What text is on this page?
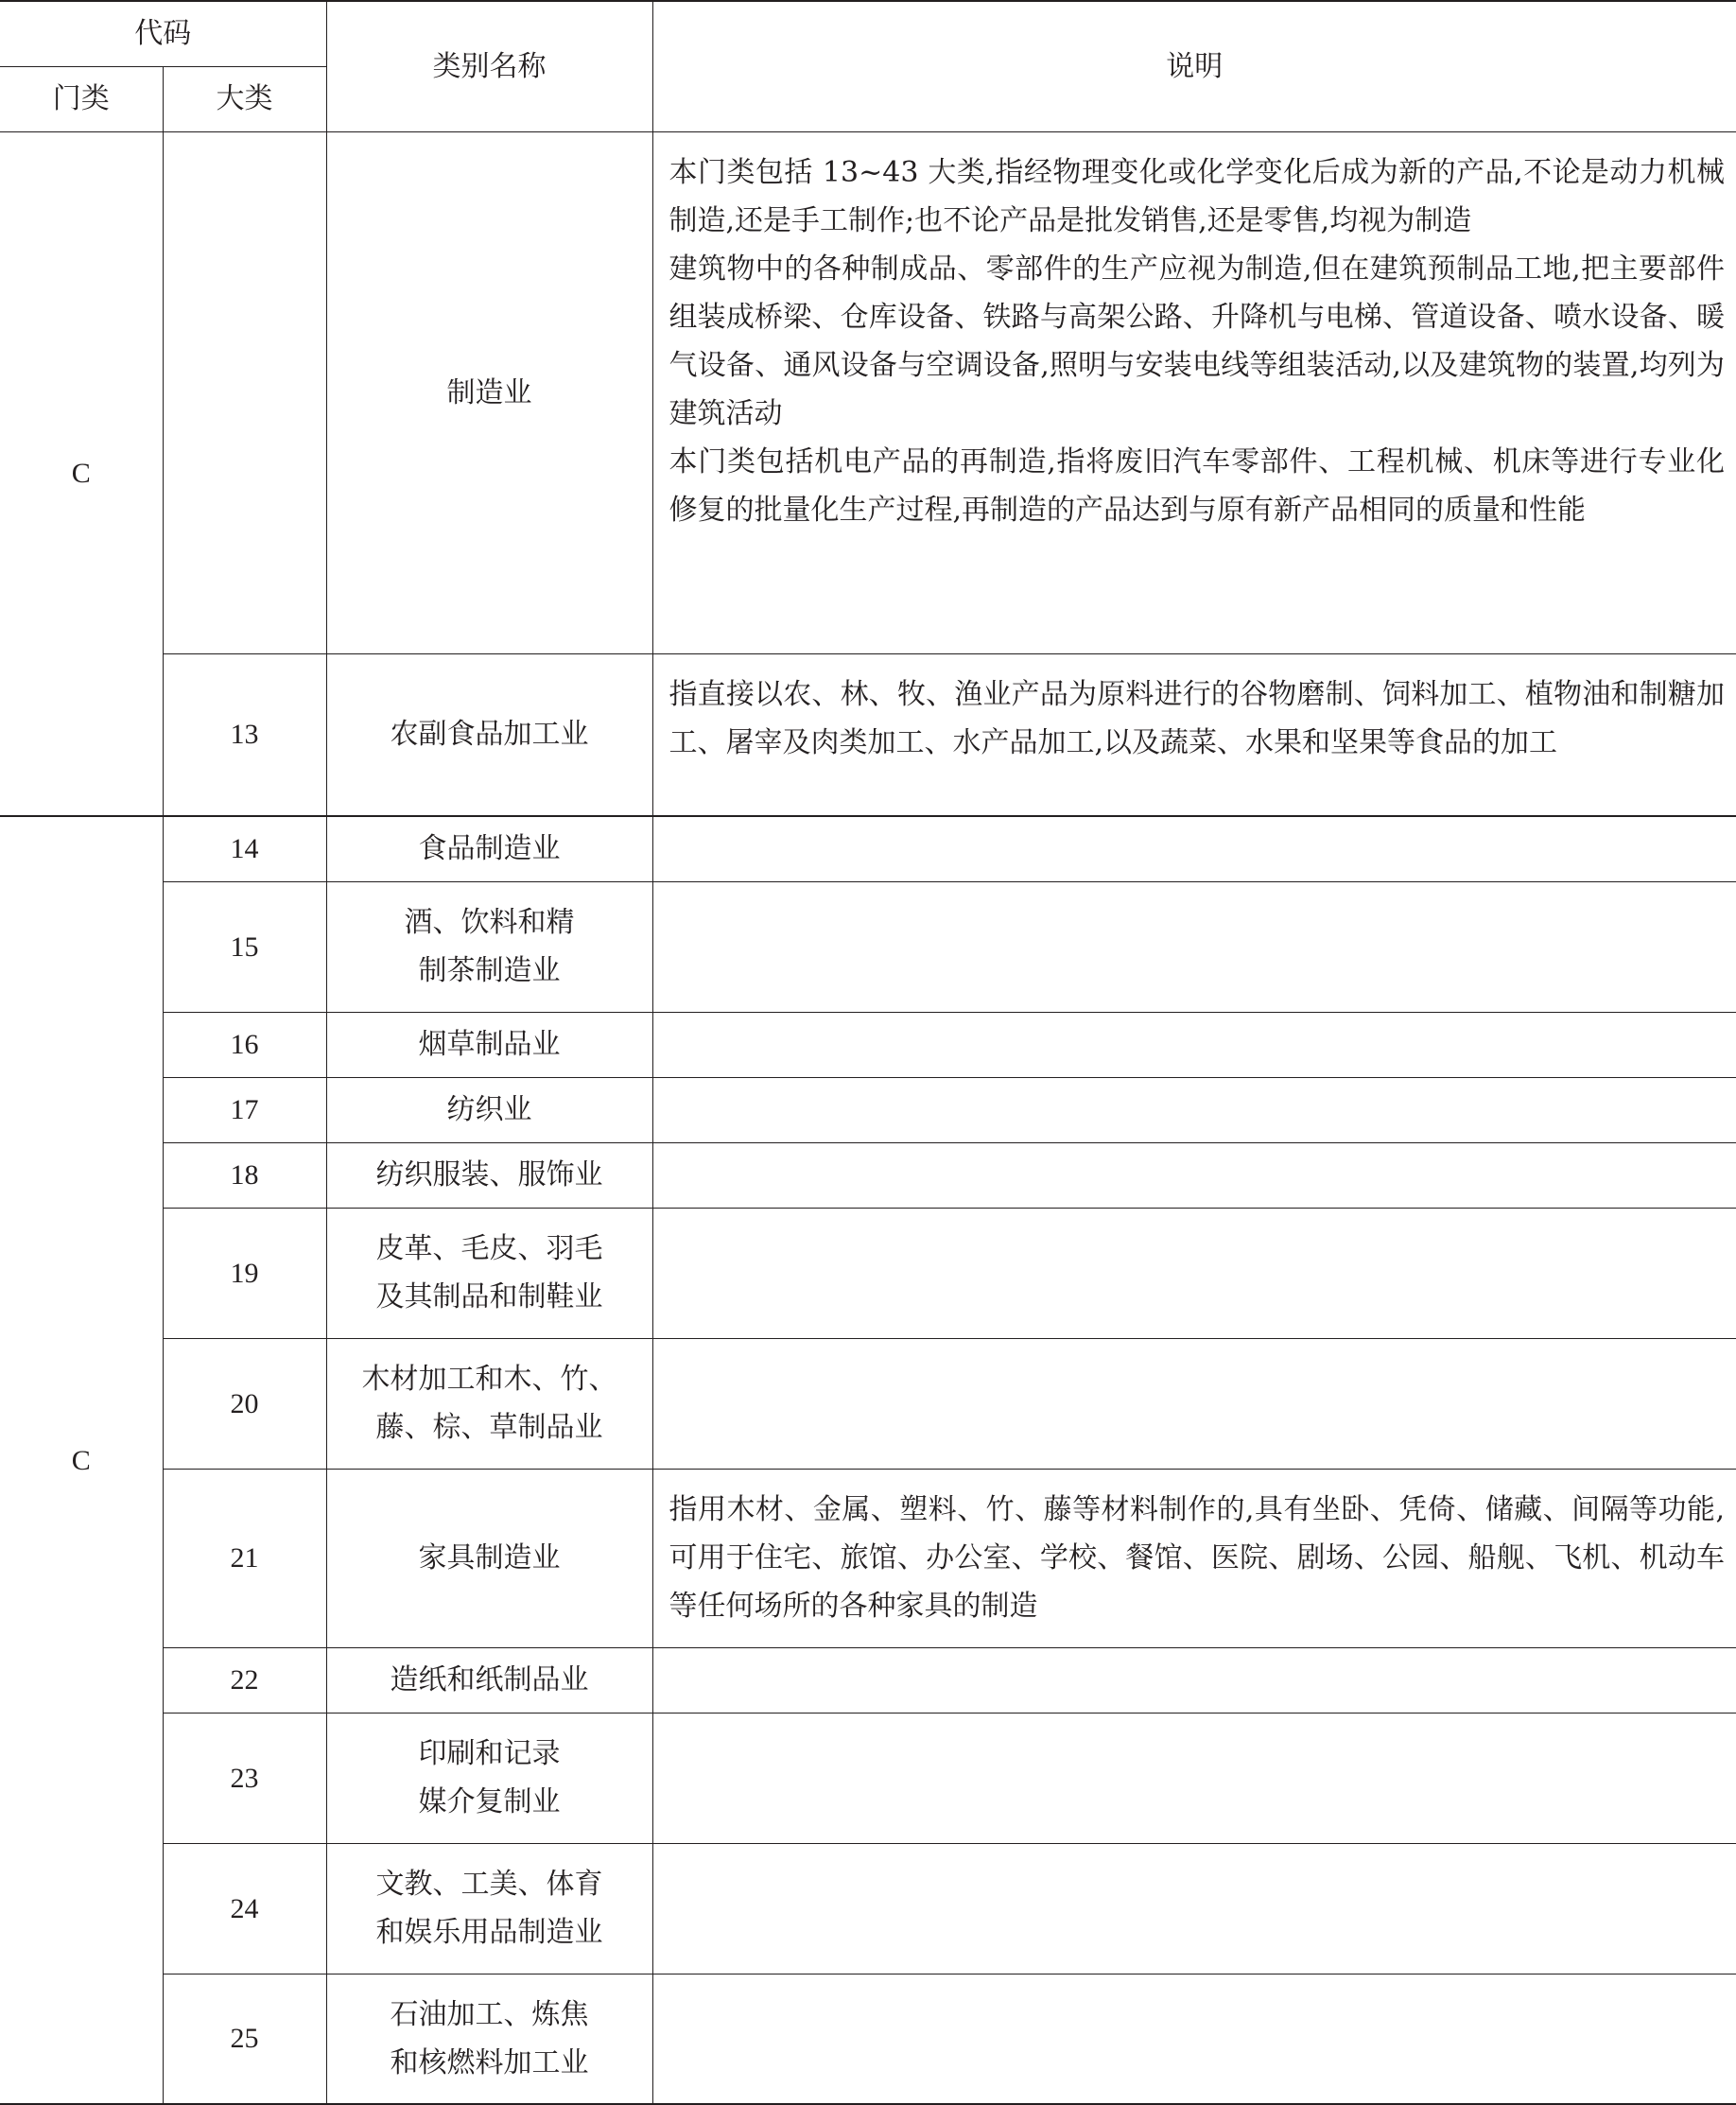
代码		类别名称	说明
门类	大类		
C		制造业	本门类包括 13~43 大类,指经物理变化或化学变化后成为新的产品,不论是动力机械制造,还是手工制作;也不论产品是批发销售,还是零售,均视为制造
建筑物中的各种制成品、零部件的生产应视为制造,但在建筑预制品工地,把主要部件组装成桥梁、仓库设备、铁路与高架公路、升降机与电梯、管道设备、喷水设备、暖气设备、通风设备与空调设备,照明与安装电线等组装活动,以及建筑物的装置,均列为建筑活动
本门类包括机电产品的再制造,指将废旧汽车零部件、工程机械、机床等进行专业化修复的批量化生产过程,再制造的产品达到与原有新产品相同的质量和性能

	13	农副食品加工业	指直接以农、林、牧、渔业产品为原料进行的谷物磨制、饲料加工、植物油和制糖加工、屠宰及肉类加工、水产品加工,以及蔬菜、水果和坚果等食品的加工
C	14	食品制造业	

	15	酒、饮料和精
制茶制造业	

	16	烟草制品业	

	17	纺织业	

	18	纺织服装、服饰业	

	19	皮革、毛皮、羽毛
及其制品和制鞋业	

	20	木材加工和木、竹、
藤、棕、草制品业	

	21	家具制造业	指用木材、金属、塑料、竹、藤等材料制作的,具有坐卧、凭倚、储藏、间隔等功能,可用于住宅、旅馆、办公室、学校、餐馆、医院、剧场、公园、船舰、飞机、机动车等任何场所的各种家具的制造
	22	造纸和纸制品业	

	23	印刷和记录
媒介复制业	

	24	文教、工美、体育
和娱乐用品制造业	

	25	石油加工、炼焦
和核燃料加工业	
